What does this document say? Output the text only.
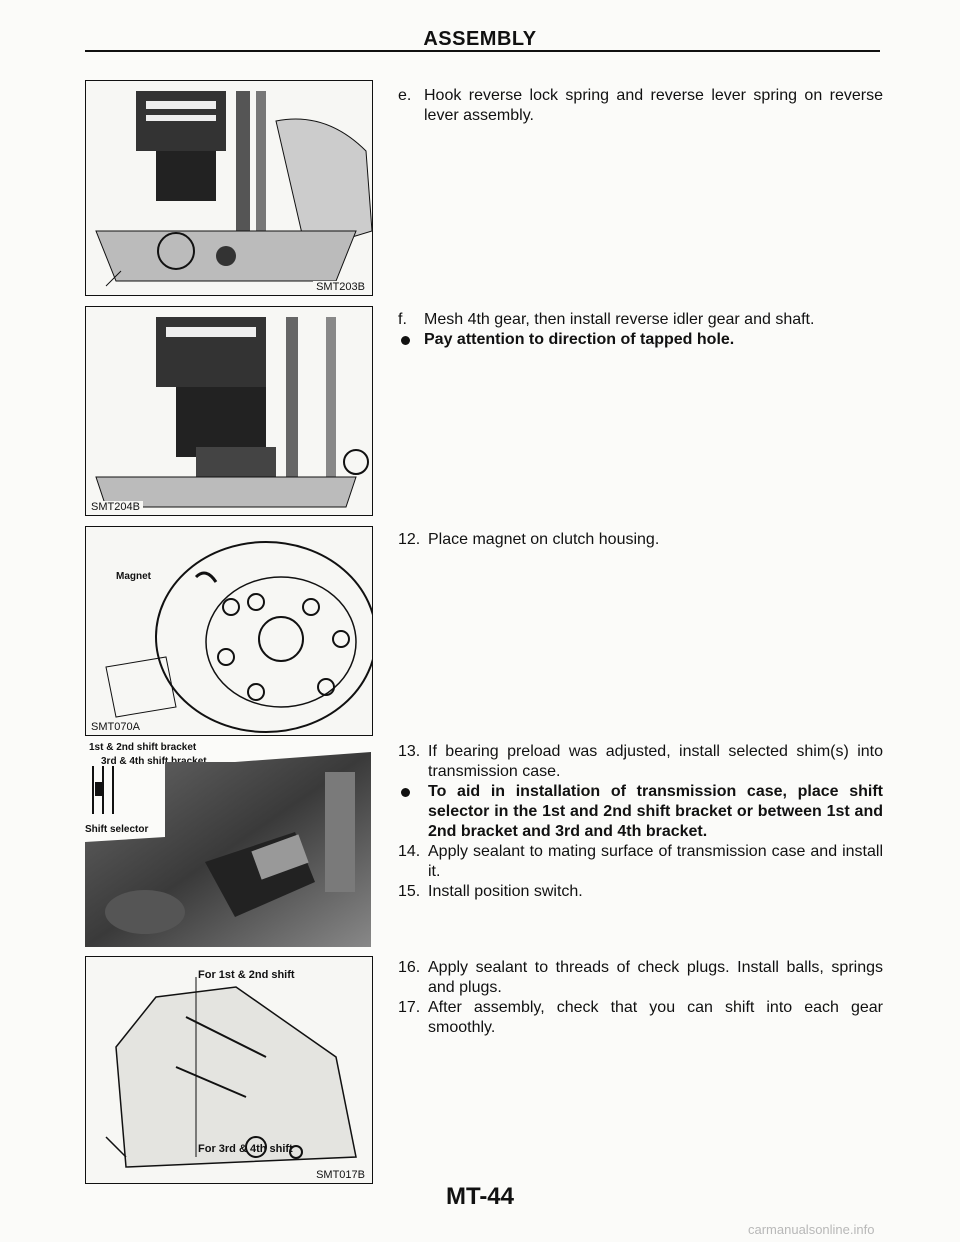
ASSEMBLY
SMT203B
SMT204B
Magnet
SMT070A
1st & 2nd shift bracket
3rd & 4th shift bracket
Shift selector
For 1st & 2nd shift
For 3rd & 4th shift
SMT017B
e. Hook reverse lock spring and reverse lever spring on reverse lever assembly.
f.	Mesh 4th gear, then install reverse idler gear and shaft.
Pay attention to direction of tapped hole.
12. Place magnet on clutch housing.
13. If bearing preload was adjusted, install selected shim(s) into transmission case.
To aid in installation of transmission case, place shift selector in the 1st and 2nd shift bracket or between 1st and 2nd bracket and 3rd and 4th bracket.
14. Apply sealant to mating surface of transmission case and install it.
15. Install position switch.
16. Apply sealant to threads of check plugs. Install balls, springs and plugs.
17. After assembly, check that you can shift into each gear smoothly.
MT-44
carmanualsonline.info
